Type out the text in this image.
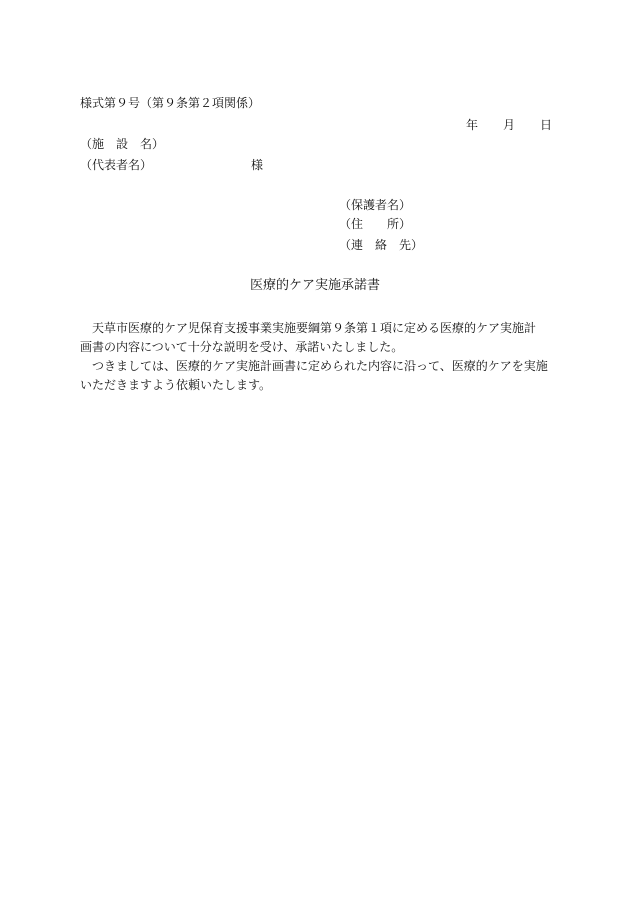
様式第９号（第９条第２項関係）
年 月 日
（施　設　名）
（代表者名）	様
（保護者名）
（住　　所）
（連　絡　先）
医療的ケア実施承諾書
　天草市医療的ケア児保育支援事業実施要綱第９条第１項に定める医療的ケア実施計
画書の内容について十分な説明を受け、承諾いたしました。
　つきましては、医療的ケア実施計画書に定められた内容に沿って、医療的ケアを実施
いただきますよう依頼いたします。
